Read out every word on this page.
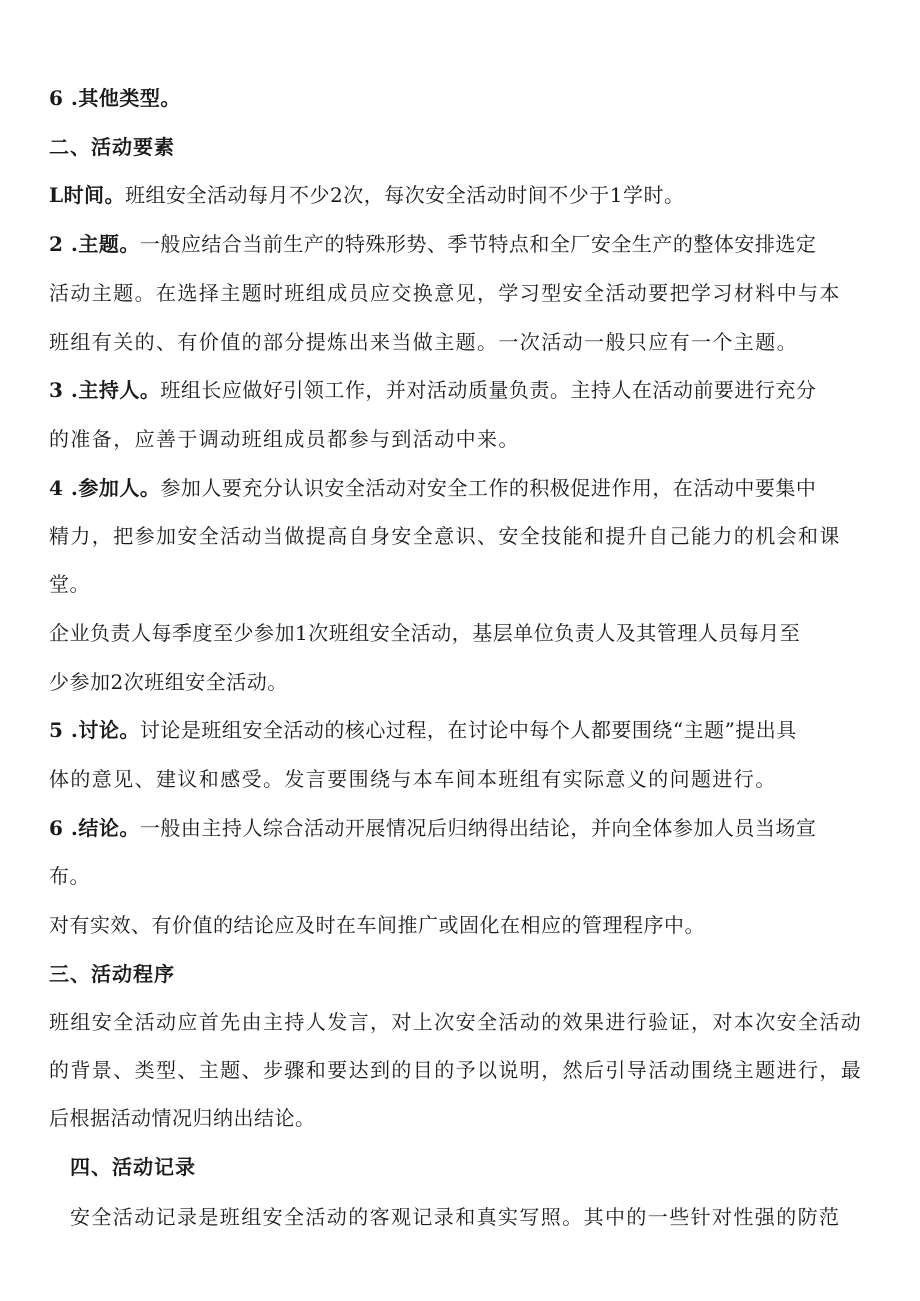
6 .其他类型。
二、活动要素
L时间。班组安全活动每月不少2次，每次安全活动时间不少于1学时。
2 .主题。一般应结合当前生产的特殊形势、季节特点和全厂安全生产的整体安排选定
活动主题。在选择主题时班组成员应交换意见，学习型安全活动要把学习材料中与本
班组有关的、有价值的部分提炼出来当做主题。一次活动一般只应有一个主题。
3 .主持人。班组长应做好引领工作，并对活动质量负责。主持人在活动前要进行充分
的准备，应善于调动班组成员都参与到活动中来。
4 .参加人。参加人要充分认识安全活动对安全工作的积极促进作用，在活动中要集中
精力，把参加安全活动当做提高自身安全意识、安全技能和提升自己能力的机会和课
堂。
企业负责人每季度至少参加1次班组安全活动，基层单位负责人及其管理人员每月至
少参加2次班组安全活动。
5 .讨论。讨论是班组安全活动的核心过程，在讨论中每个人都要围绕“主题”提出具
体的意见、建议和感受。发言要围绕与本车间本班组有实际意义的问题进行。
6 .结论。一般由主持人综合活动开展情况后归纳得出结论，并向全体参加人员当场宣
布。
对有实效、有价值的结论应及时在车间推广或固化在相应的管理程序中。
三、活动程序
班组安全活动应首先由主持人发言，对上次安全活动的效果进行验证，对本次安全活动
的背景、类型、主题、步骤和要达到的目的予以说明，然后引导活动围绕主题进行，最
后根据活动情况归纳出结论。
四、活动记录
安全活动记录是班组安全活动的客观记录和真实写照。其中的一些针对性强的防范
